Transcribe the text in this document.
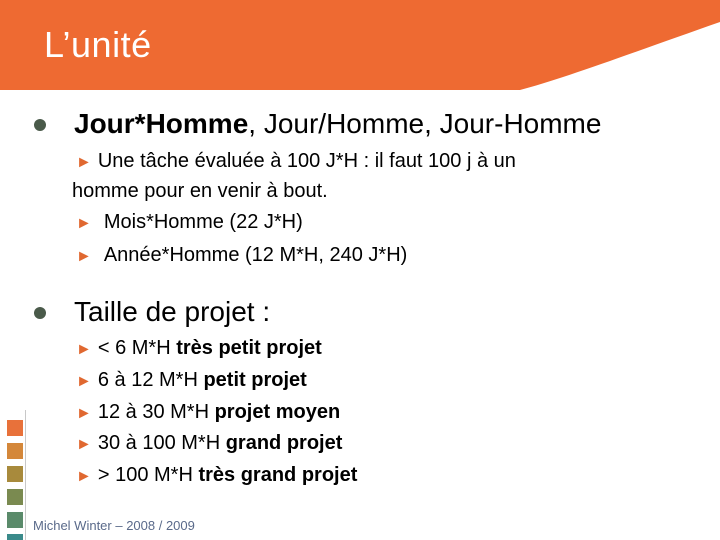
L’unité
Jour*Homme, Jour/Homme, Jour-Homme
► Une tâche évaluée à 100 J*H : il faut 100 j à un
homme pour en venir à bout.
► Mois*Homme (22 J*H)
► Année*Homme (12 M*H, 240 J*H)
Taille de projet :
► < 6 M*H très petit projet
► 6 à 12 M*H petit projet
► 12 à 30 M*H projet moyen
► 30 à 100 M*H grand projet
► > 100 M*H très grand projet
Michel Winter – 2008 / 2009
